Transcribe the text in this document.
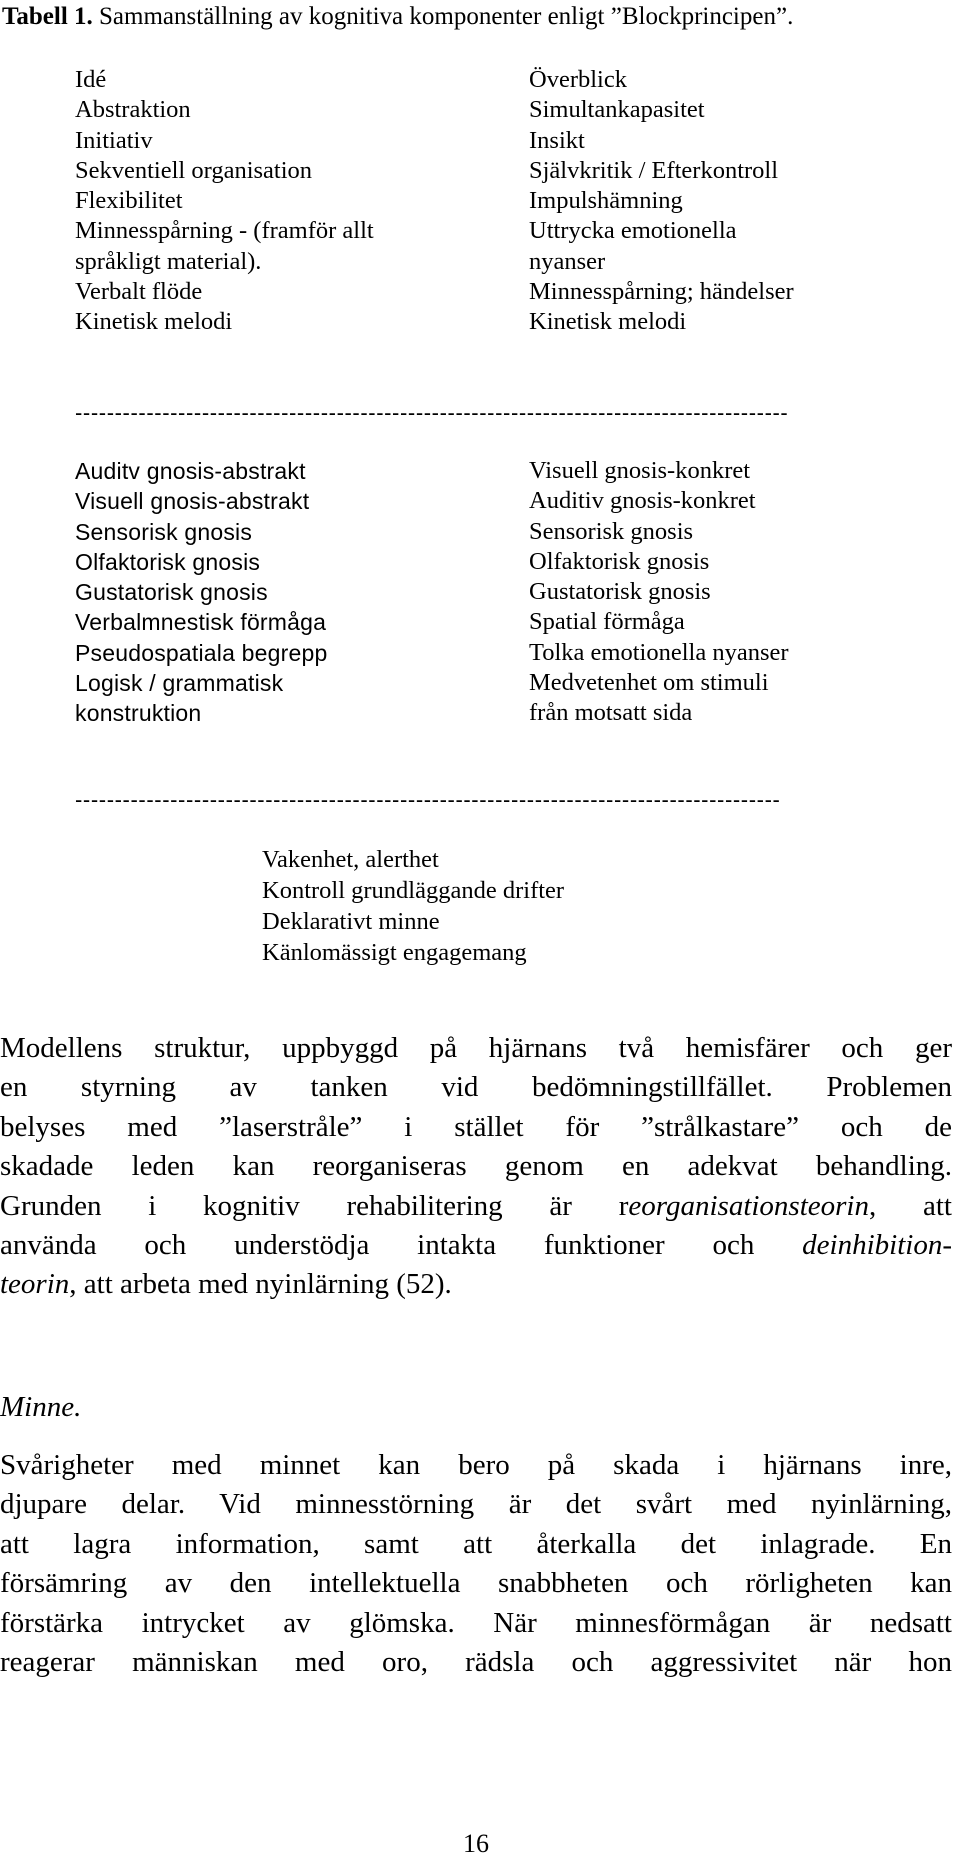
Tabell 1. Sammanställning av kognitiva komponenter enligt ”Blockprincipen”.
Idé
Abstraktion
Initiativ
Sekventiell organisation
Flexibilitet
Minnesspårning - (framför allt
språkligt material).
Verbalt flöde
Kinetisk melodi
Överblick
Simultankapasitet
Insikt
Självkritik / Efterkontroll
Impulshämning
Uttrycka emotionella
nyanser
Minnesspårning; händelser
Kinetisk melodi
------------------------------------------------------------------------------------------
Auditv gnosis-abstrakt
Visuell gnosis-abstrakt
Sensorisk gnosis
Olfaktorisk gnosis
Gustatorisk gnosis
Verbalmnestisk förmåga
Pseudospatiala begrepp
Logisk / grammatisk
konstruktion
Visuell gnosis-konkret
Auditiv gnosis-konkret
Sensorisk gnosis
Olfaktorisk gnosis
Gustatorisk gnosis
Spatial förmåga
Tolka emotionella nyanser
Medvetenhet om stimuli
från motsatt sida
-----------------------------------------------------------------------------------------
Vakenhet, alerthet
Kontroll grundläggande drifter
Deklarativt minne
Känlomässigt engagemang
Modellens struktur, uppbyggd på hjärnans två hemisfärer och ger
en styrning av tanken vid bedömningstillfället. Problemen
belyses med ”laserstråle” i stället för ”strålkastare” och de
skadade leden kan reorganiseras genom en adekvat behandling.
Grunden i kognitiv rehabilitering är reorganisationsteorin, att
använda och understödja intakta funktioner och deinhibition-
teorin, att arbeta med nyinlärning (52).
Minne.
Svårigheter med minnet kan bero på skada i hjärnans inre,
djupare delar. Vid minnesstörning är det svårt med nyinlärning,
att lagra information, samt att återkalla det inlagrade. En
försämring av den intellektuella snabbheten och rörligheten kan
förstärka intrycket av glömska. När minnesförmågan är nedsatt
reagerar människan med oro, rädsla och aggressivitet när hon
16
